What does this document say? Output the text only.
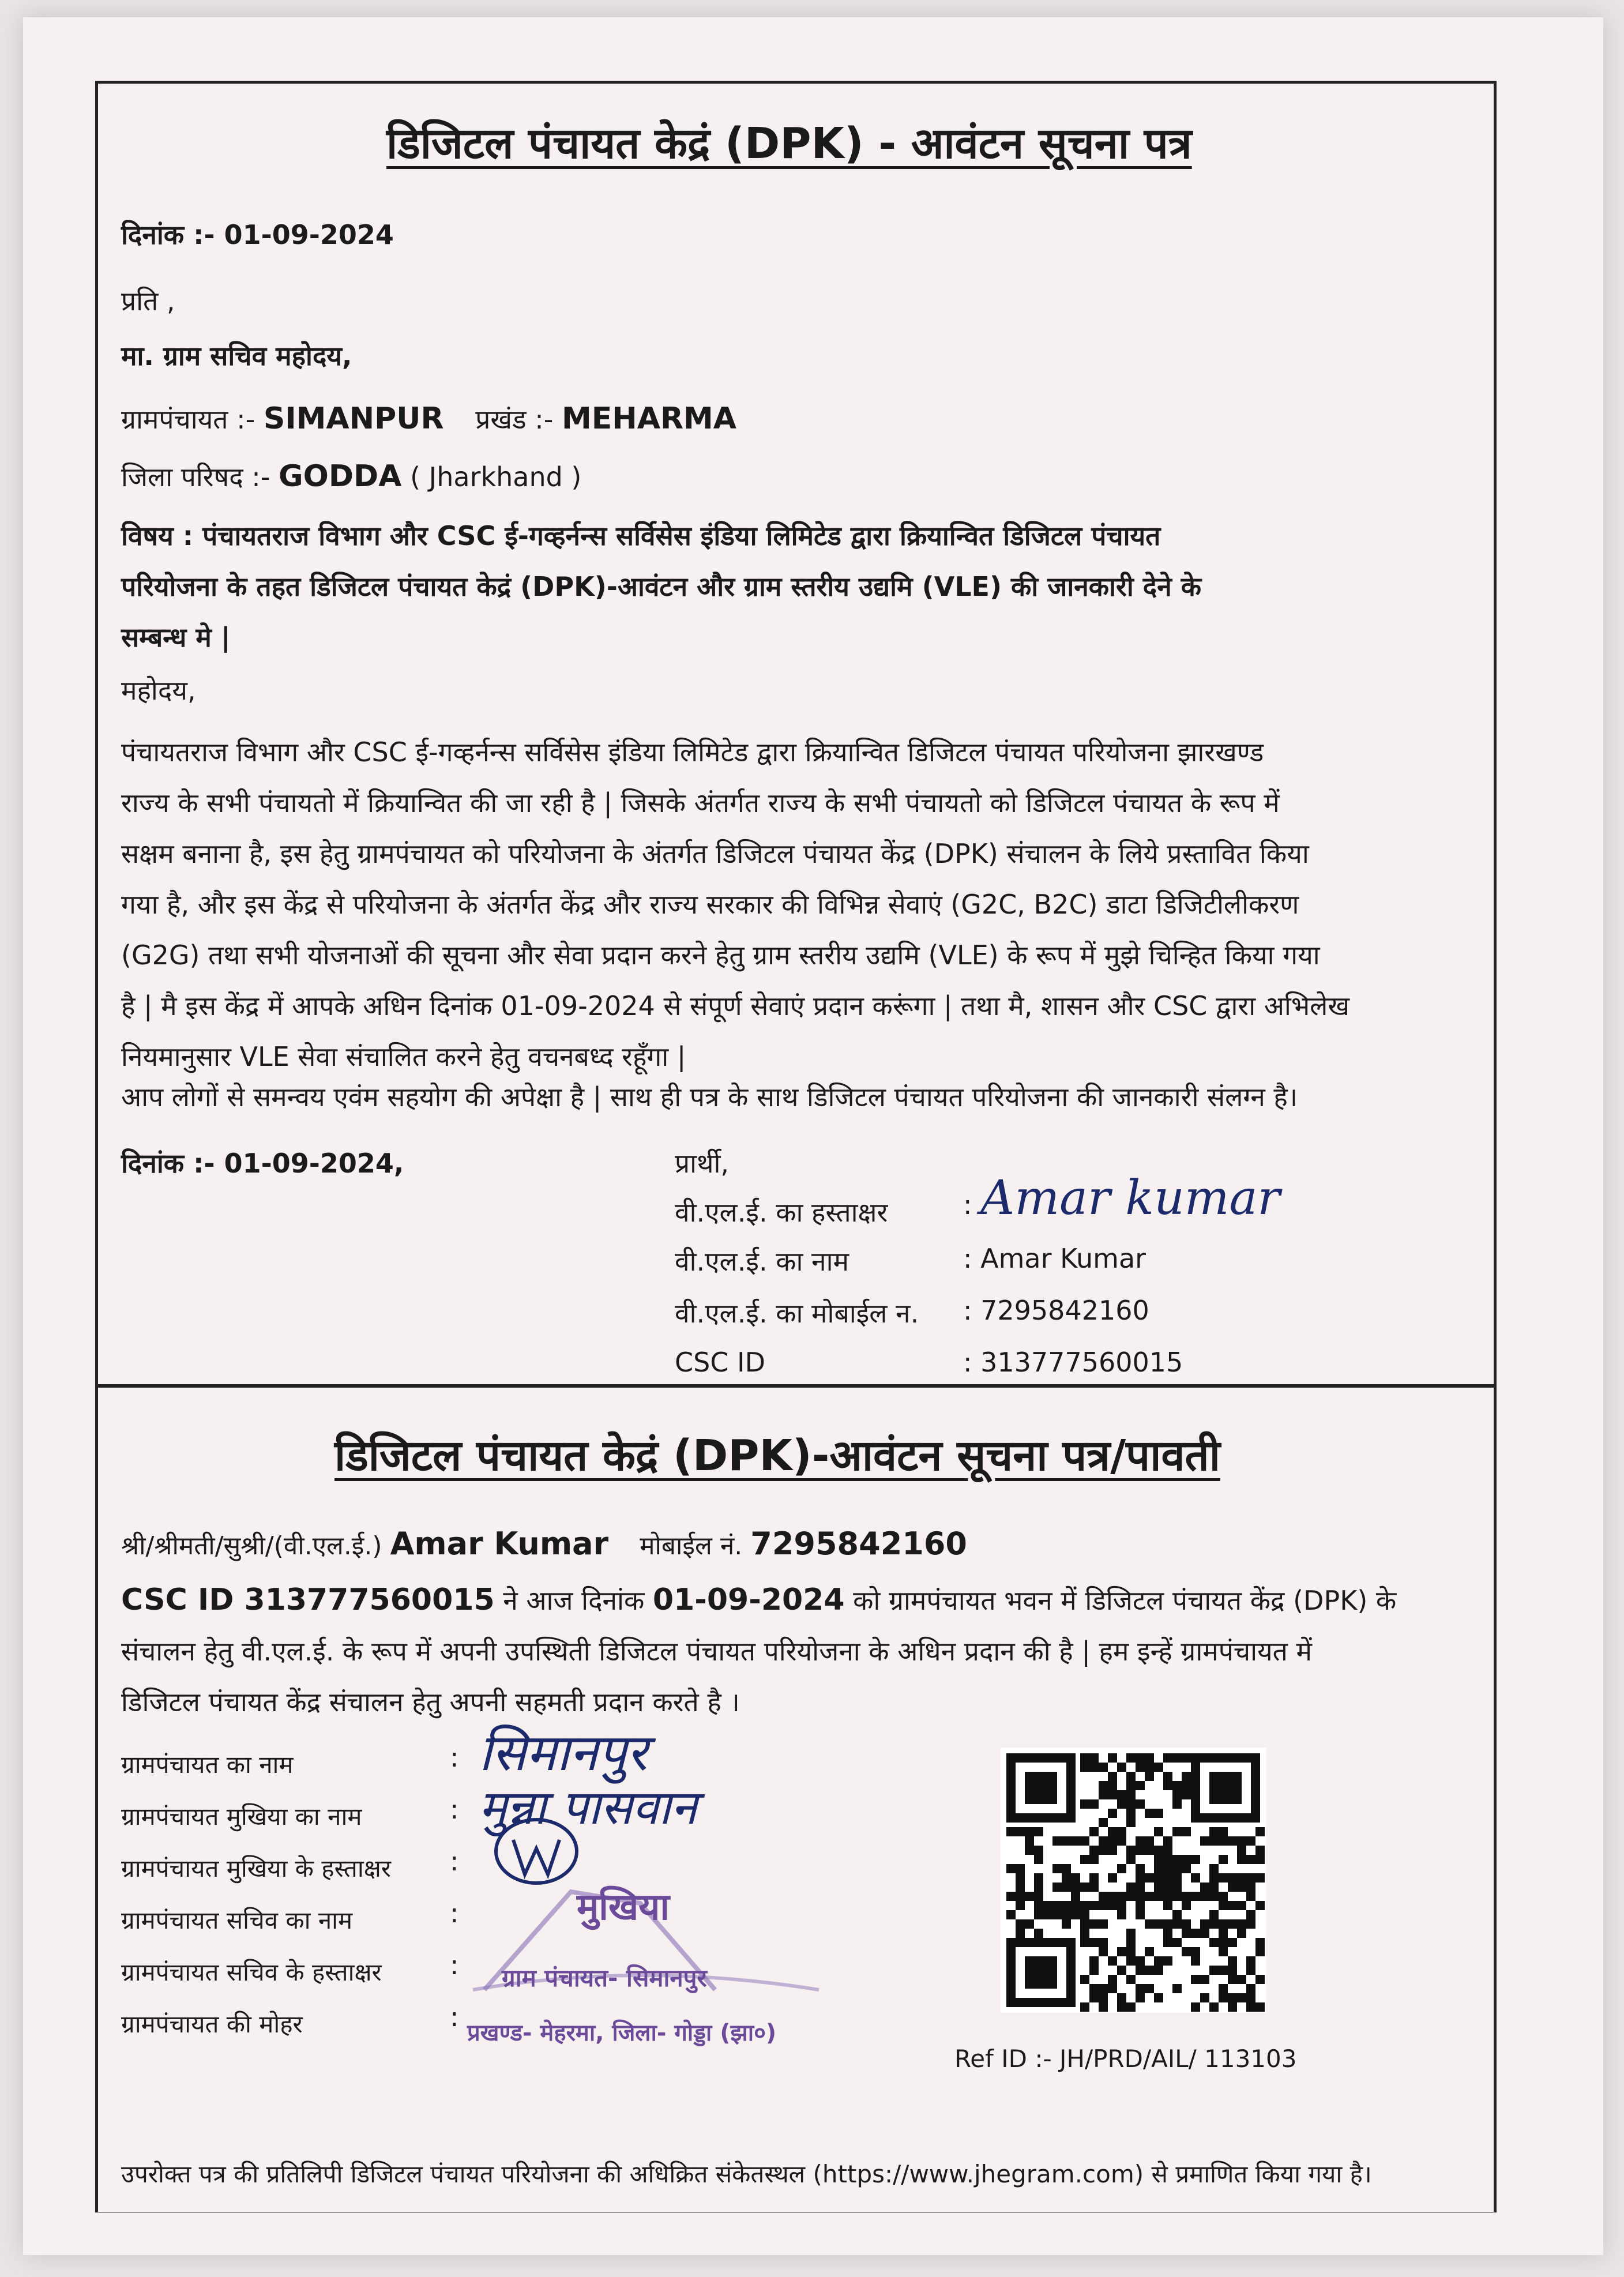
डिजिटल पंचायत केद्रं (DPK) - आवंटन सूचना पत्र
दिनांक :- 01-09-2024
प्रति ,
मा. ग्राम सचिव महोदय,
ग्रामपंचायत :- SIMANPUR प्रखंड :- MEHARMA
जिला परिषद :- GODDA ( Jharkhand )
विषय : पंचायतराज विभाग और CSC ई-गव्हर्नन्स सर्विसेस इंडिया लिमिटेड द्वारा क्रियान्वित डिजिटल पंचायत
परियोजना के तहत डिजिटल पंचायत केद्रं (DPK)-आवंटन और ग्राम स्तरीय उद्यमि (VLE) की जानकारी देने के
सम्बन्ध मे |
महोदय,
पंचायतराज विभाग और CSC ई-गव्हर्नन्स सर्विसेस इंडिया लिमिटेड द्वारा क्रियान्वित डिजिटल पंचायत परियोजना झारखण्ड
राज्य के सभी पंचायतो में क्रियान्वित की जा रही है | जिसके अंतर्गत राज्य के सभी पंचायतो को डिजिटल पंचायत के रूप में
सक्षम बनाना है, इस हेतु ग्रामपंचायत को परियोजना के अंतर्गत डिजिटल पंचायत केंद्र (DPK) संचालन के लिये प्रस्तावित किया
गया है, और इस केंद्र से परियोजना के अंतर्गत केंद्र और राज्य सरकार की विभिन्न सेवाएं (G2C, B2C) डाटा डिजिटीलीकरण
(G2G) तथा सभी योजनाओं की सूचना और सेवा प्रदान करने हेतु ग्राम स्तरीय उद्यमि (VLE) के रूप में मुझे चिन्हित किया गया
है | मै इस केंद्र में आपके अधिन दिनांक 01-09-2024 से संपूर्ण सेवाएं प्रदान करूंगा | तथा मै, शासन और CSC द्वारा अभिलेख
नियमानुसार VLE सेवा संचालित करने हेतु वचनबध्द रहूँगा |
आप लोगों से समन्वय एवंम सहयोग की अपेक्षा है | साथ ही पत्र के साथ डिजिटल पंचायत परियोजना की जानकारी संलग्न है।
दिनांक :- 01-09-2024,	प्रार्थी,
वी.एल.ई. का हस्ताक्षर	: Amar kumar
वी.एल.ई. का नाम	: Amar Kumar
वी.एल.ई. का मोबाईल न. : 7295842160
CSC ID	: 313777560015
डिजिटल पंचायत केद्रं (DPK)-आवंटन सूचना पत्र/पावती
श्री/श्रीमती/सुश्री/(वी.एल.ई.) Amar Kumar मोबाईल नं. 7295842160
CSC ID 313777560015 ने आज दिनांक 01-09-2024 को ग्रामपंचायत भवन में डिजिटल पंचायत केंद्र (DPK) के
संचालन हेतु वी.एल.ई. के रूप में अपनी उपस्थिती डिजिटल पंचायत परियोजना के अधिन प्रदान की है | हम इन्हें ग्रामपंचायत में
डिजिटल पंचायत केंद्र संचालन हेतु अपनी सहमती प्रदान करते है ।
ग्रामपंचायत का नाम	: सिमानपुर
ग्रामपंचायत मुखिया का नाम	: मुन्ना पासवान
ग्रामपंचायत मुखिया के हस्ताक्षर :
ग्रामपंचायत सचिव का नाम	:
ग्रामपंचायत सचिव के हस्ताक्षर	:
ग्रामपंचायत की मोहर	:
मुखिया
ग्राम पंचायत- सिमानपुर
प्रखण्ड- मेहरमा, जिला- गोड्डा (झा०)
Ref ID :- JH/PRD/AIL/ 113103
उपरोक्त पत्र की प्रतिलिपी डिजिटल पंचायत परियोजना की अधिक्रित संकेतस्थल (https://www.jhegram.com) से प्रमाणित किया गया है।
